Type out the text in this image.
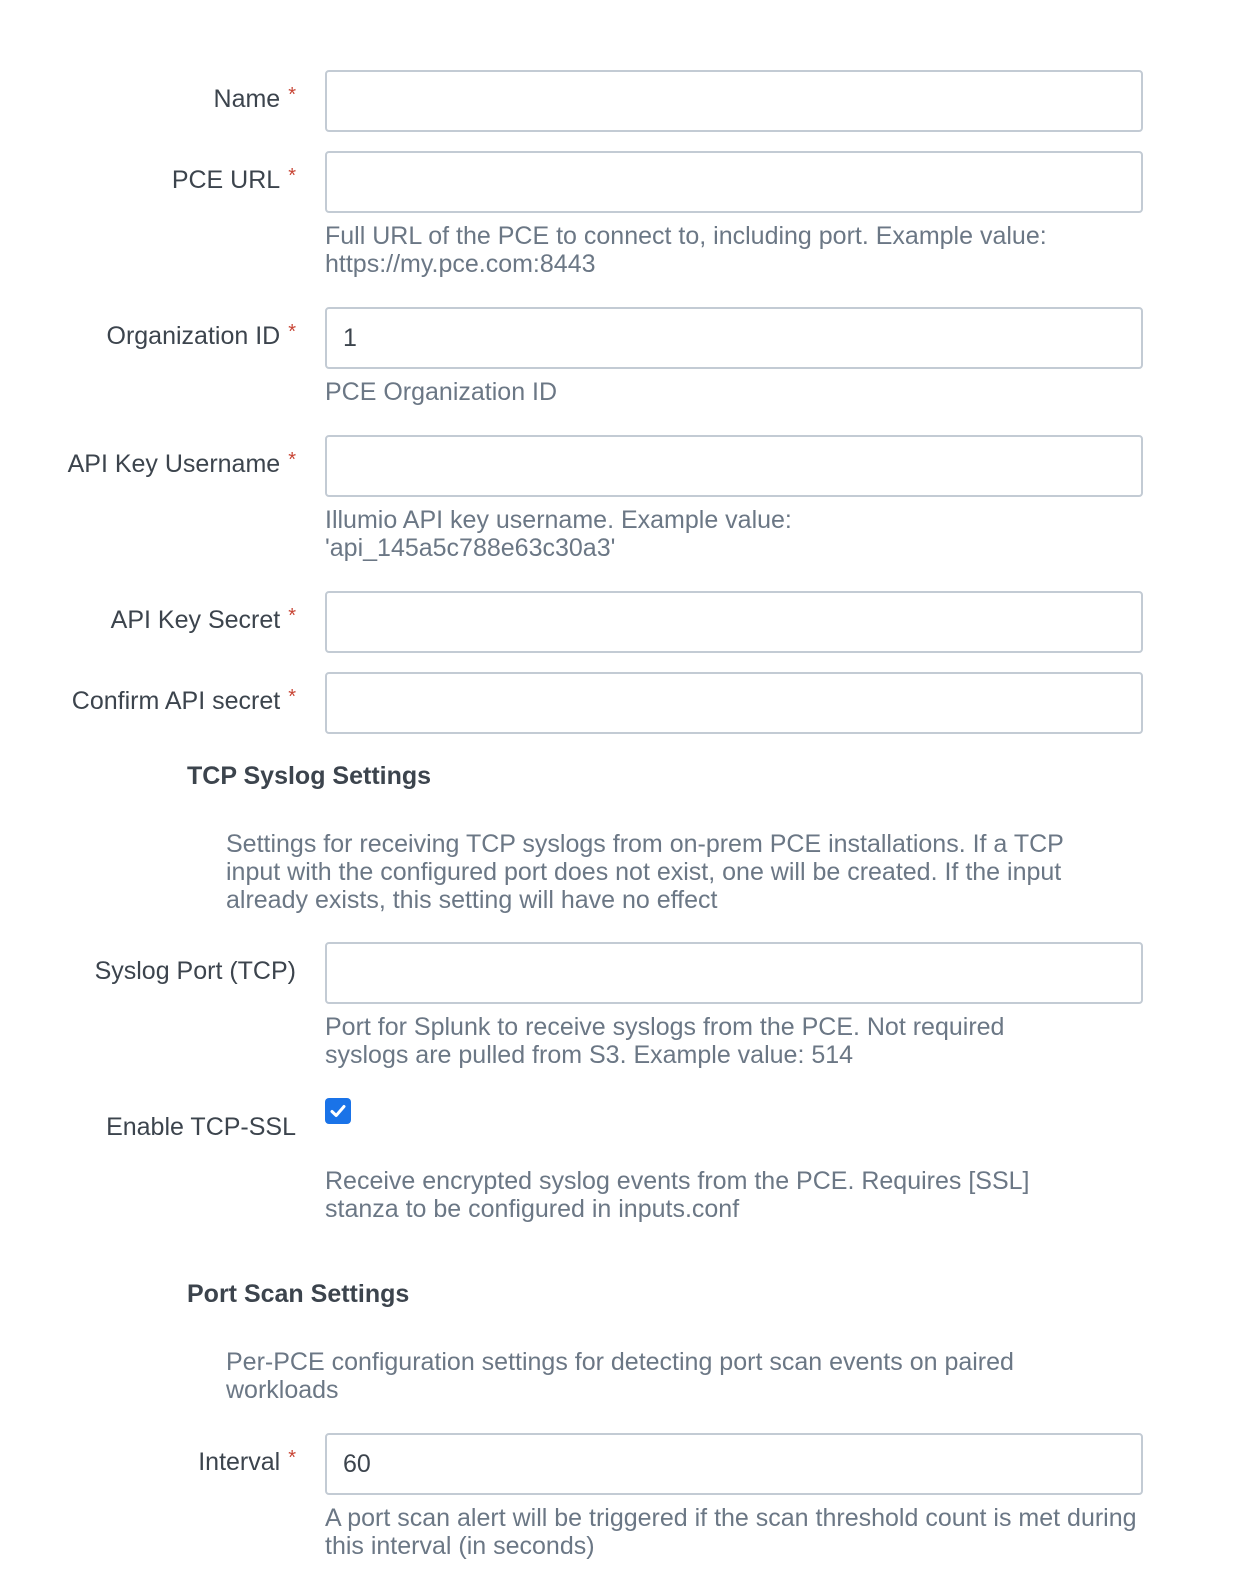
Name *
PCE URL *
Full URL of the PCE to connect to, including port. Example value: https://my.pce.com:8443
Organization ID *
1
PCE Organization ID
API Key Username *
Illumio API key username. Example value: 'api_145a5c788e63c30a3'
API Key Secret *
Confirm API secret *
TCP Syslog Settings
Settings for receiving TCP syslogs from on-prem PCE installations. If a TCP input with the configured port does not exist, one will be created. If the input already exists, this setting will have no effect
Syslog Port (TCP)
Port for Splunk to receive syslogs from the PCE. Not required syslogs are pulled from S3. Example value: 514
Enable TCP-SSL
Receive encrypted syslog events from the PCE. Requires [SSL] stanza to be configured in inputs.conf
Port Scan Settings
Per-PCE configuration settings for detecting port scan events on paired workloads
Interval *
60
A port scan alert will be triggered if the scan threshold count is met during this interval (in seconds)
